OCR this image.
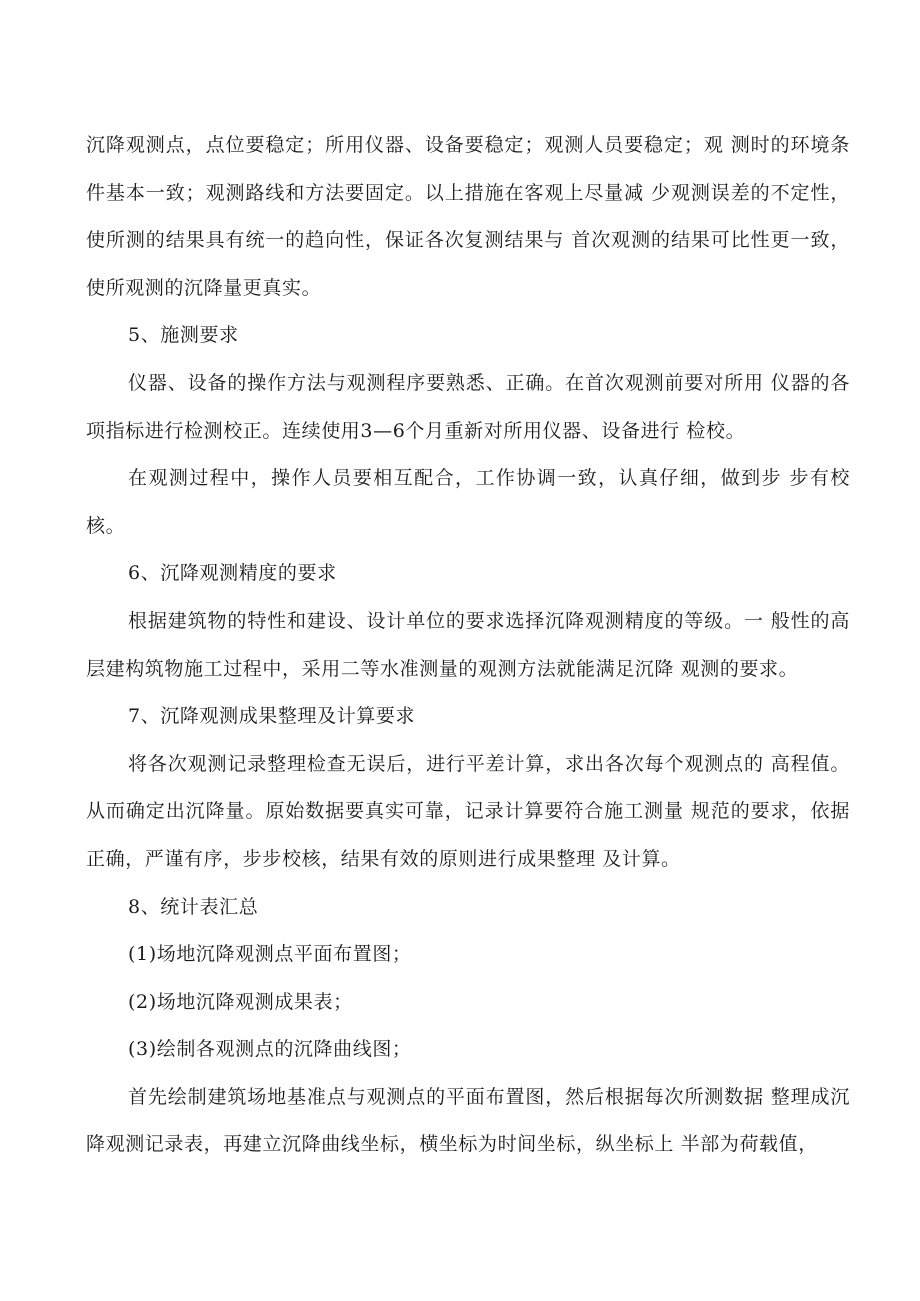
沉降观测点，点位要稳定；所用仪器、设备要稳定；观测人员要稳定；观 测时的环境条件基本一致；观测路线和方法要固定。以上措施在客观上尽量减 少观测误差的不定性，使所测的结果具有统一的趋向性，保证各次复测结果与 首次观测的结果可比性更一致，使所观测的沉降量更真实。

5、施测要求

仪器、设备的操作方法与观测程序要熟悉、正确。在首次观测前要对所用 仪器的各项指标进行检测校正。连续使用3—6个月重新对所用仪器、设备进行 检校。

在观测过程中，操作人员要相互配合，工作协调一致，认真仔细，做到步 步有校核。

6、沉降观测精度的要求

根据建筑物的特性和建设、设计单位的要求选择沉降观测精度的等级。一 般性的高层建构筑物施工过程中，采用二等水准测量的观测方法就能满足沉降 观测的要求。

7、沉降观测成果整理及计算要求

将各次观测记录整理检查无误后，进行平差计算，求出各次每个观测点的 高程值。从而确定出沉降量。原始数据要真实可靠，记录计算要符合施工测量 规范的要求，依据正确，严谨有序，步步校核，结果有效的原则进行成果整理 及计算。

8、统计表汇总

(1)场地沉降观测点平面布置图；

(2)场地沉降观测成果表；

(3)绘制各观测点的沉降曲线图；

首先绘制建筑场地基准点与观测点的平面布置图，然后根据每次所测数据 整理成沉降观测记录表，再建立沉降曲线坐标，横坐标为时间坐标，纵坐标上 半部为荷载值，
